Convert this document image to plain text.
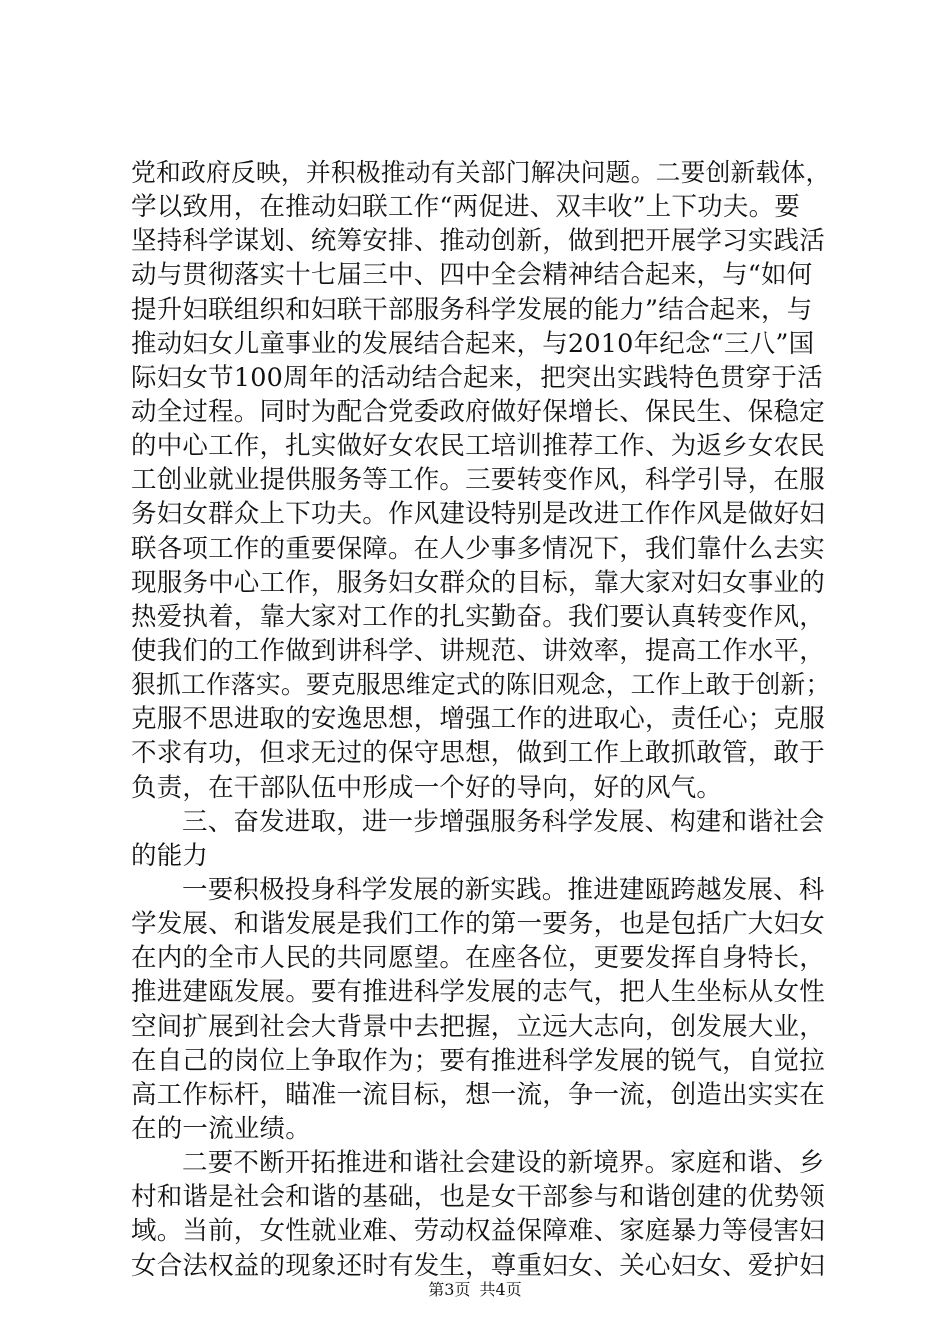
党和政府反映，并积极推动有关部门解决问题。二要创新载体，
学以致用，在推动妇联工作“两促进、双丰收”上下功夫。要
坚持科学谋划、统筹安排、推动创新，做到把开展学习实践活
动与贯彻落实十七届三中、四中全会精神结合起来，与“如何
提升妇联组织和妇联干部服务科学发展的能力”结合起来，与
推动妇女儿童事业的发展结合起来，与2010年纪念“三八”国
际妇女节100周年的活动结合起来，把突出实践特色贯穿于活
动全过程。同时为配合党委政府做好保增长、保民生、保稳定
的中心工作，扎实做好女农民工培训推荐工作、为返乡女农民
工创业就业提供服务等工作。三要转变作风，科学引导，在服
务妇女群众上下功夫。作风建设特别是改进工作作风是做好妇
联各项工作的重要保障。在人少事多情况下，我们靠什么去实
现服务中心工作，服务妇女群众的目标，靠大家对妇女事业的
热爱执着，靠大家对工作的扎实勤奋。我们要认真转变作风，
使我们的工作做到讲科学、讲规范、讲效率，提高工作水平，
狠抓工作落实。要克服思维定式的陈旧观念，工作上敢于创新；
克服不思进取的安逸思想，增强工作的进取心，责任心；克服
不求有功，但求无过的保守思想，做到工作上敢抓敢管，敢于
负责，在干部队伍中形成一个好的导向，好的风气。
三、奋发进取，进一步增强服务科学发展、构建和谐社会
的能力
一要积极投身科学发展的新实践。推进建瓯跨越发展、科
学发展、和谐发展是我们工作的第一要务，也是包括广大妇女
在内的全市人民的共同愿望。在座各位，更要发挥自身特长，
推进建瓯发展。要有推进科学发展的志气，把人生坐标从女性
空间扩展到社会大背景中去把握，立远大志向，创发展大业，
在自己的岗位上争取作为；要有推进科学发展的锐气，自觉拉
高工作标杆，瞄准一流目标，想一流，争一流，创造出实实在
在的一流业绩。
二要不断开拓推进和谐社会建设的新境界。家庭和谐、乡
村和谐是社会和谐的基础，也是女干部参与和谐创建的优势领
域。当前，女性就业难、劳动权益保障难、家庭暴力等侵害妇
女合法权益的现象还时有发生，尊重妇女、关心妇女、爱护妇
第3页 共4页
